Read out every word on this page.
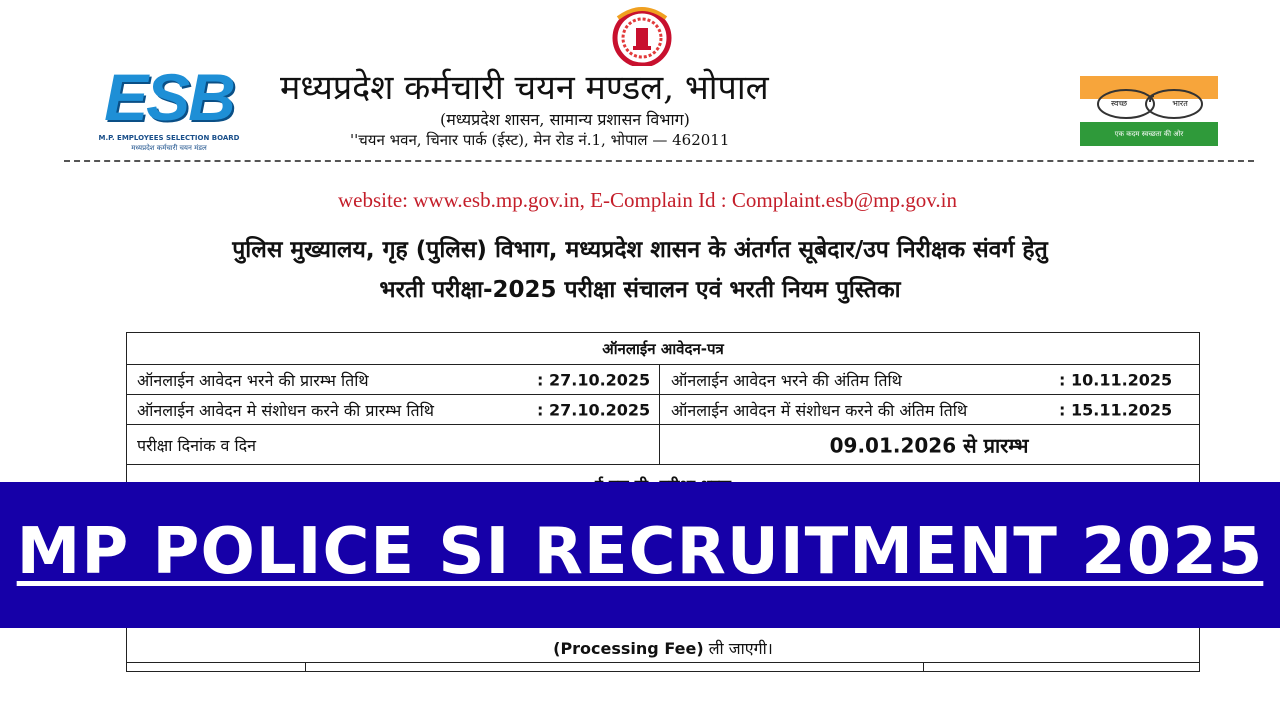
ESB
M.P. EMPLOYEES SELECTION BOARD
मध्यप्रदेश कर्मचारी चयन मंडल
मध्यप्रदेश कर्मचारी चयन मण्डल, भोपाल
(मध्यप्रदेश शासन, सामान्य प्रशासन विभाग)
''चयन भवन, चिनार पार्क (ईस्ट), मेन रोड नं.1, भोपाल — 462011
स्वच्छ	भारत
एक कदम स्वच्छता की ओर
website: www.esb.mp.gov.in, E-Complain Id : Complaint.esb@mp.gov.in
पुलिस मुख्यालय, गृह (पुलिस) विभाग, मध्यप्रदेश शासन के अंतर्गत सूबेदार/उप निरीक्षक संवर्ग हेतु
भरती परीक्षा-2025 परीक्षा संचालन एवं भरती नियम पुस्तिका
ऑनलाईन आवेदन-पत्र
ऑनलाईन आवेदन भरने की प्रारम्भ तिथि	: 27.10.2025 ऑनलाईन आवेदन भरने की अंतिम तिथि	: 10.11.2025
ऑनलाईन आवेदन मे संशोधन करने की प्रारम्भ तिथि	: 27.10.2025 ऑनलाईन आवेदन में संशोधन करने की अंतिम तिथि	: 15.11.2025
परीक्षा दिनांक व दिन	09.01.2026 से प्रारम्भ
(Processing Fee) ली जाएगी।
MP POLICE SI RECRUITMENT 2025
